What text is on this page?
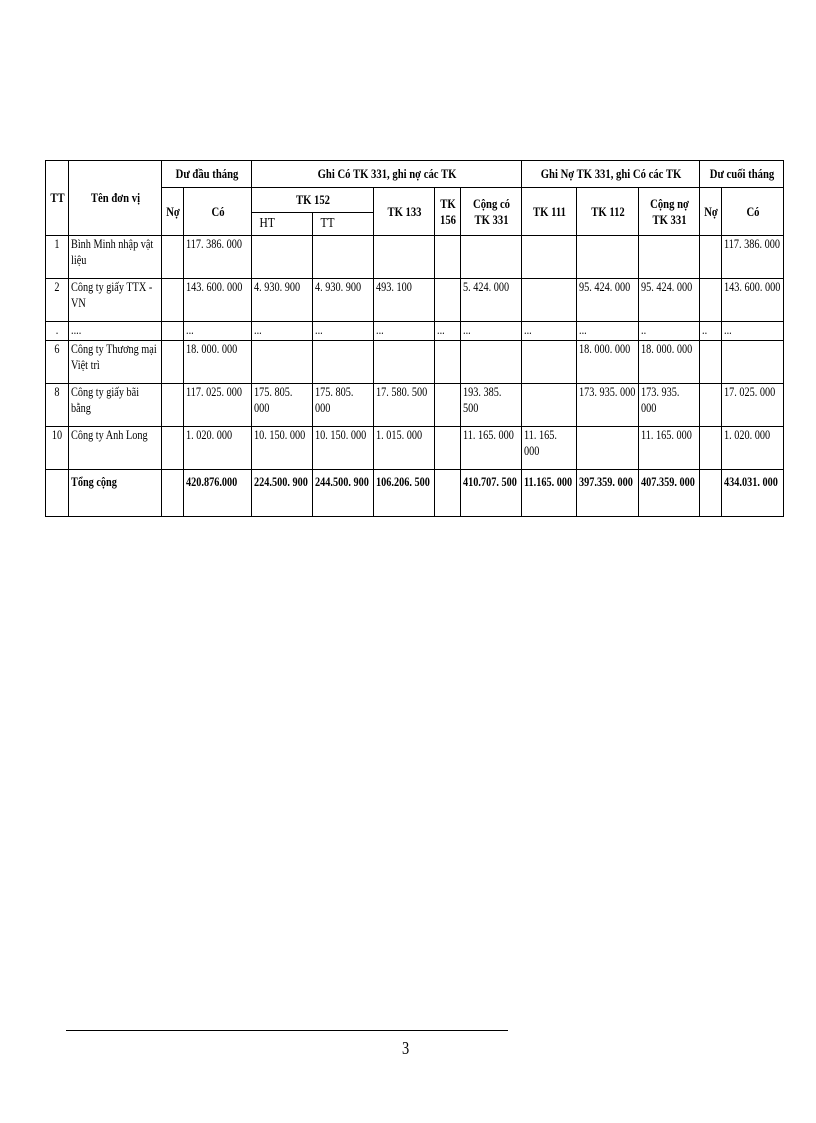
TT	Tên đơn vị	Dư đầu tháng		Ghi Có TK 331, ghi nợ các TK					Ghi Nợ TK 331, ghi Có các TK			Dư cuối tháng	
		Nợ	Có	TK 152		TK 133	TK 156	Cộng có TK 331	TK 111	TK 112	Cộng nợ TK 331	Nợ	Có
				HT	TT								

1	Bình Minh nhập vật liệu		117. 386. 000										117. 386. 000

2	Công ty giấy TTX - VN		143. 600. 000	4. 930. 900	4. 930. 900	493. 100		5. 424. 000		95. 424. 000	95. 424. 000		143. 600. 000

.	....		...	...	...	...	...	...	...	...	..	..	...

6	Công ty Thương mại Việt trì		18. 000. 000							18. 000. 000	18. 000. 000		

8	Công ty giấy bãi bằng		117. 025. 000	175. 805. 000	175. 805. 000	17. 580. 500		193. 385. 500		173. 935. 000	173. 935. 000		17. 025. 000

10	Công ty Anh Long		1. 020. 000	10. 150. 000	10. 150. 000	1. 015. 000		11. 165. 000	11. 165. 000		11. 165. 000		1. 020. 000

	Tổng cộng		420.876.000	224.500. 900	244.500. 900	106.206. 500		410.707. 500	11.165. 000	397.359. 000	407.359. 000		434.031. 000
3
